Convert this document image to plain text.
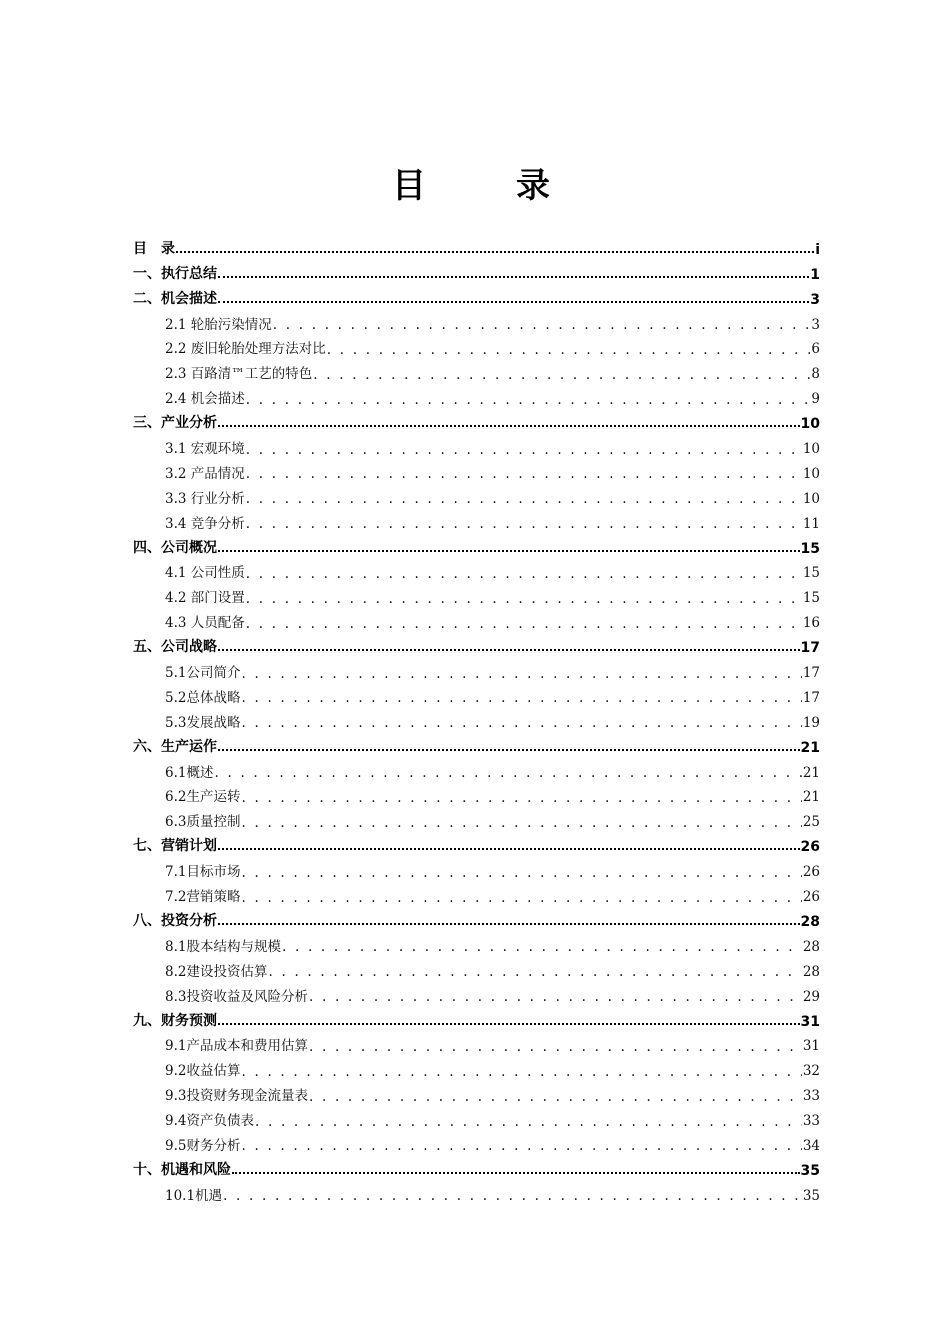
目　录
目　录	i
一、执行总结	1
二、机会描述	3
2.1 轮胎污染情况 . . .	3
2.2 废旧轮胎处理方法对比 . . .	6
2.3 百路清™工艺的特色 . . .	8
2.4 机会描述 . . .	9
三、产业分析	10
3.1 宏观环境 . . .	10
3.2 产品情况 . . .	10
3.3 行业分析 . . .	10
3.4 竞争分析 . . .	11
四、公司概况	15
4.1 公司性质 . . .	15
4.2 部门设置 . . .	15
4.3 人员配备 . . .	16
五、公司战略	17
5.1公司简介 . . .	17
5.2总体战略 . . .	17
5.3发展战略 . . .	19
六、生产运作	21
6.1概述 . . .	21
6.2生产运转 . . .	21
6.3质量控制 . . .	25
七、营销计划	26
7.1目标市场 . . .	26
7.2营销策略 . . .	26
八、投资分析	28
8.1股本结构与规模 . . .	28
8.2建设投资估算 . . .	28
8.3投资收益及风险分析 . . .	29
九、财务预测	31
9.1产品成本和费用估算 . . .	31
9.2收益估算 . . .	32
9.3投资财务现金流量表 . . .	33
9.4资产负债表 . . .	33
9.5财务分析 . . .	34
十、机遇和风险	35
10.1机遇 . . .	35
